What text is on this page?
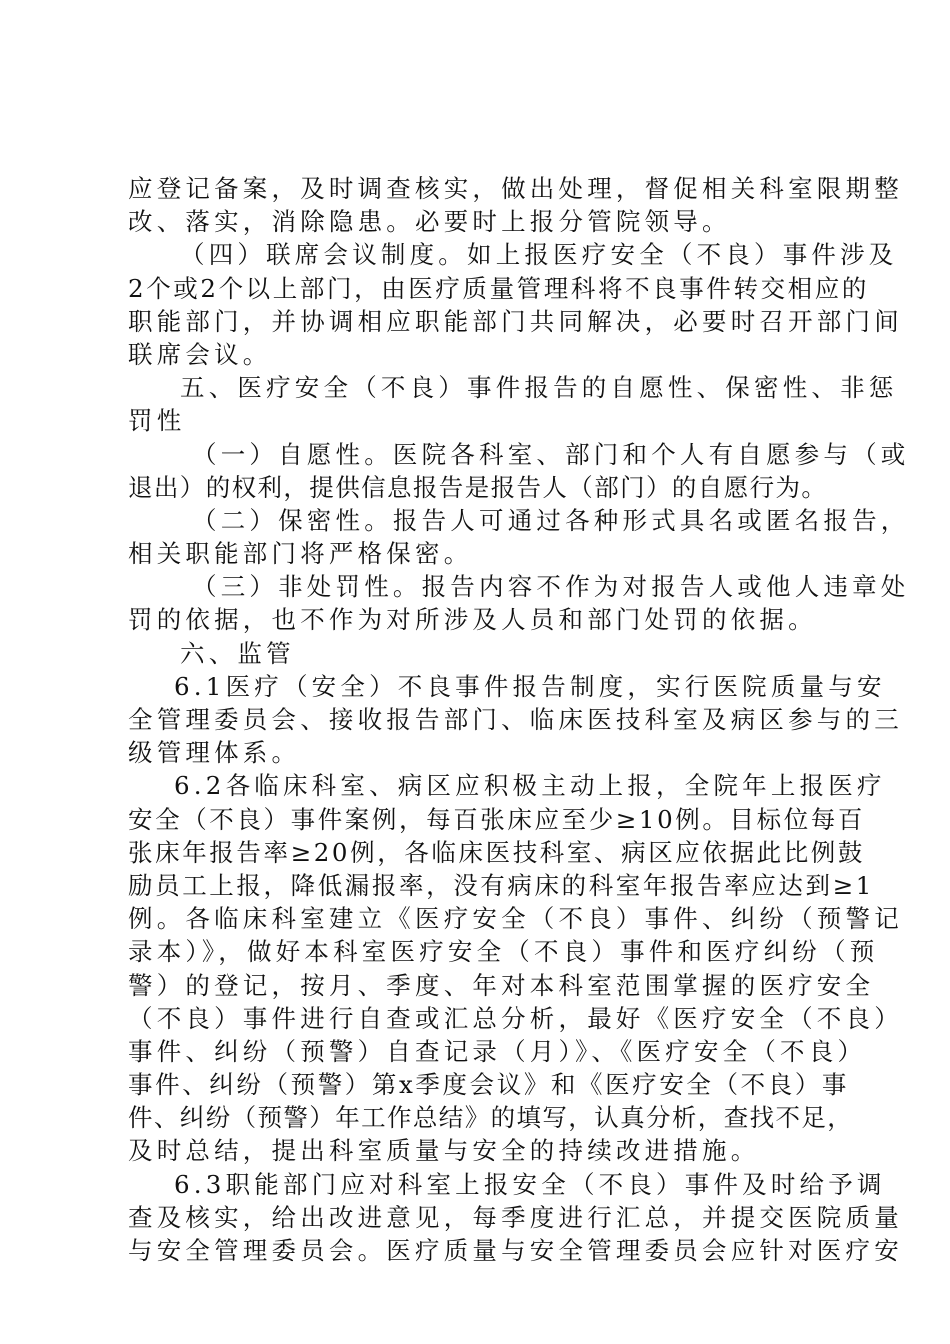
应登记备案，及时调查核实，做出处理，督促相关科室限期整
改、落实，消除隐患。必要时上报分管院领导。
（四）联席会议制度。如上报医疗安全（不良）事件涉及
2个或2个以上部门，由医疗质量管理科将不良事件转交相应的
职能部门，并协调相应职能部门共同解决，必要时召开部门间
联席会议。
五、医疗安全（不良）事件报告的自愿性、保密性、非惩
罚性
（一）自愿性。医院各科室、部门和个人有自愿参与（或
退出）的权利，提供信息报告是报告人（部门）的自愿行为。
（二）保密性。报告人可通过各种形式具名或匿名报告，
相关职能部门将严格保密。
（三）非处罚性。报告内容不作为对报告人或他人违章处
罚的依据，也不作为对所涉及人员和部门处罚的依据。
六、监管
6.1医疗（安全）不良事件报告制度，实行医院质量与安
全管理委员会、接收报告部门、临床医技科室及病区参与的三
级管理体系。
6.2各临床科室、病区应积极主动上报，全院年上报医疗
安全（不良）事件案例，每百张床应至少≥10例。目标位每百
张床年报告率≥20例，各临床医技科室、病区应依据此比例鼓
励员工上报，降低漏报率，没有病床的科室年报告率应达到≥1
例。各临床科室建立《医疗安全（不良）事件、纠纷（预警记
录本）》，做好本科室医疗安全（不良）事件和医疗纠纷（预
警）的登记，按月、季度、年对本科室范围掌握的医疗安全
（不良）事件进行自查或汇总分析，最好《医疗安全（不良）
事件、纠纷（预警）自查记录（月）》、《医疗安全（不良）
事件、纠纷（预警）第x季度会议》和《医疗安全（不良）事
件、纠纷（预警）年工作总结》的填写，认真分析，查找不足，
及时总结，提出科室质量与安全的持续改进措施。
6.3职能部门应对科室上报安全（不良）事件及时给予调
查及核实，给出改进意见，每季度进行汇总，并提交医院质量
与安全管理委员会。医疗质量与安全管理委员会应针对医疗安
